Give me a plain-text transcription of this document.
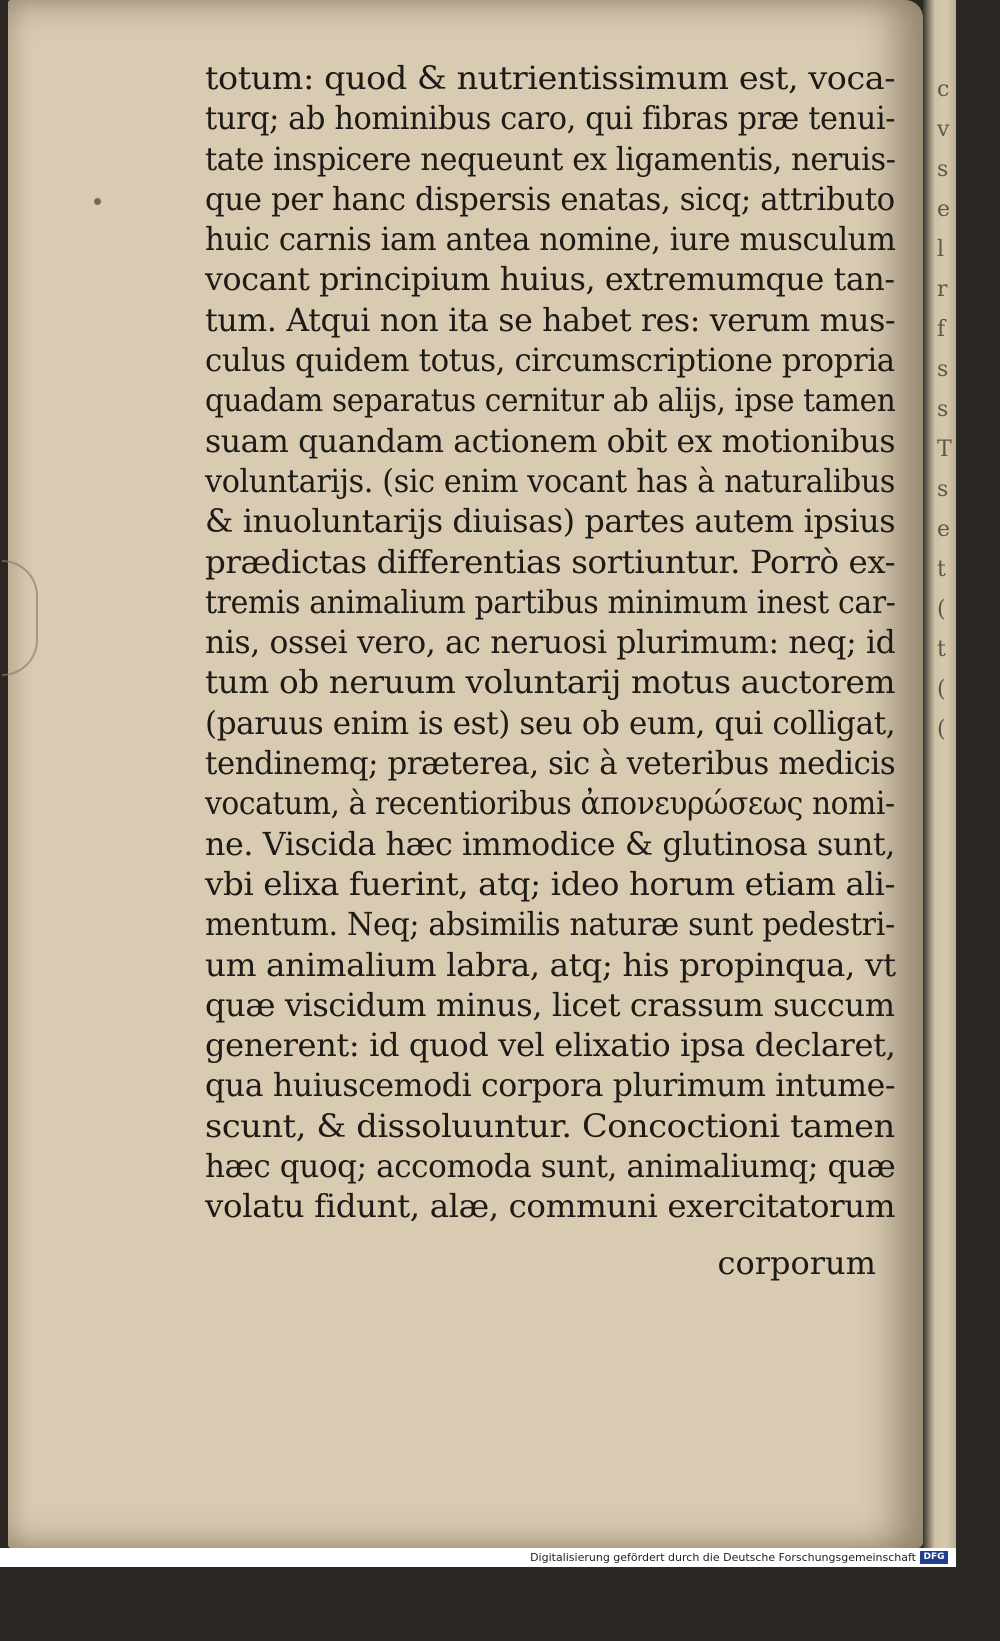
c
v
s
e
l
r
f
s
s
T
s
e
t
(
t
(
(
totum: quod & nutrientissimum est, voca-
turq; ab hominibus caro, qui fibras præ tenui-
tate inspicere nequeunt ex ligamentis, neruis-
que per hanc dispersis enatas, sicq; attributo
huic carnis iam antea nomine, iure musculum
vocant principium huius, extremumque tan-
tum. Atqui non ita se habet res: verum mus-
culus quidem totus, circumscriptione propria
quadam separatus cernitur ab alijs, ipse tamen
suam quandam actionem obit ex motionibus
voluntarijs. (sic enim vocant has à naturalibus
& inuoluntarijs diuisas) partes autem ipsius
prædictas differentias sortiuntur. Porrò ex-
tremis animalium partibus minimum inest car-
nis, ossei vero, ac neruosi plurimum: neq; id
tum ob neruum voluntarij motus auctorem
(paruus enim is est) seu ob eum, qui colligat,
tendinemq; præterea, sic à veteribus medicis
vocatum, à recentioribus ἀπονευρώσεως nomi-
ne. Viscida hæc immodice & glutinosa sunt,
vbi elixa fuerint, atq; ideo horum etiam ali-
mentum. Neq; absimilis naturæ sunt pedestri-
um animalium labra, atq; his propinqua, vt
quæ viscidum minus, licet crassum succum
generent: id quod vel elixatio ipsa declaret,
qua huiuscemodi corpora plurimum intume-
scunt, & dissoluuntur. Concoctioni tamen
hæc quoq; accomoda sunt, animaliumq; quæ
volatu fidunt, alæ, communi exercitatorum
corporum
Digitalisierung gefördert durch die Deutsche Forschungsgemeinschaft DFG
